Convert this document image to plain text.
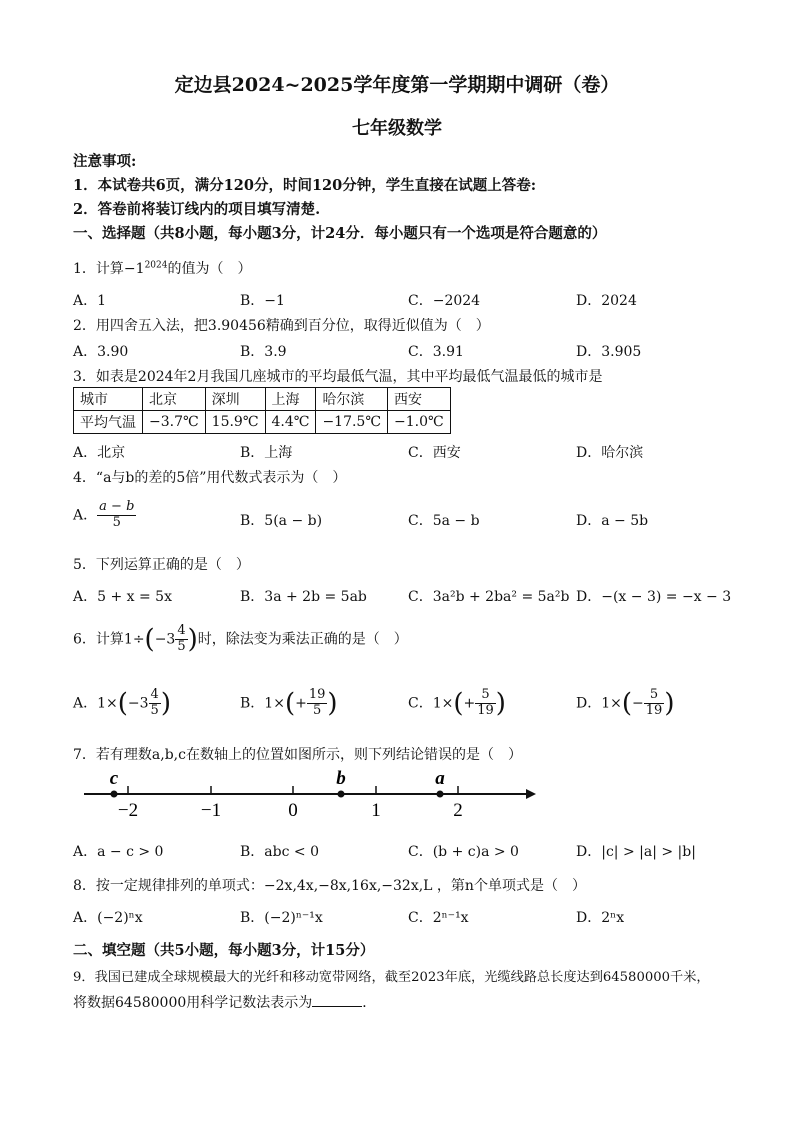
定边县2024~2025学年度第一学期期中调研（卷）
七年级数学
注意事项:
1．本试卷共6页，满分120分，时间120分钟，学生直接在试题上答卷:
2．答卷前将装订线内的项目填写清楚.
一、选择题（共8小题，每小题3分，计24分．每小题只有一个选项是符合题意的）
1．计算$-1^{2024}$的值为（　）
A．1	B．−1	C．−2024	D．2024
2．用四舍五入法，把3.90456精确到百分位，取得近似值为（　）
A．3.90	B．3.9	C．3.91	D．3.905
3．如表是2024年2月我国几座城市的平均最低气温，其中平均最低气温最低的城市是
城市	北京	深圳	上海	哈尔滨	西安
平均气温	−3.7℃	15.9℃	4.4℃	−17.5℃	−1.0℃
A．北京	B．上海	C．西安	D．哈尔滨
4．“a与b的差的5倍”用代数式表示为（　）
A． $\frac{a - b}{5}$	B．5(a − b)	C．5a − b	D．a − 5b
5．下列运算正确的是（　）
A．5 + x = 5x	B．3a + 2b = 5ab	C．3a²b + 2ba² = 5a²b D．−(x − 3) = −x − 3
6．计算$1\div(-3 \frac{4}{5}$ )时，除法变为乘法正确的是（　）
A．$1\times(-3 \frac{4}{5}$ )	B．$1\times(+ \frac{19}{5}$ )	C．$1\times(+ \frac{5}{19}$ )	D．$1\times(- \frac{5}{19}$ )
7．若有理数a,b,c在数轴上的位置如图所示，则下列结论错误的是（　）
−2	−1	0	1	2
c	b	a
A．a − c > 0	B．abc < 0	C．(b + c)a > 0	D．|c| > |a| > |b|
8．按一定规律排列的单项式：−2x,4x,−8x,16x,−32x,L ，第n个单项式是（　）
A．(−2)ⁿx	B．(−2)ⁿ⁻¹x	C．2ⁿ⁻¹x	D．2ⁿx
二、填空题（共5小题，每小题3分，计15分）
9．我国已建成全球规模最大的光纤和移动宽带网络，截至2023年底，光缆线路总长度达到64580000千米，
将数据64580000用科学记数法表示为	．
